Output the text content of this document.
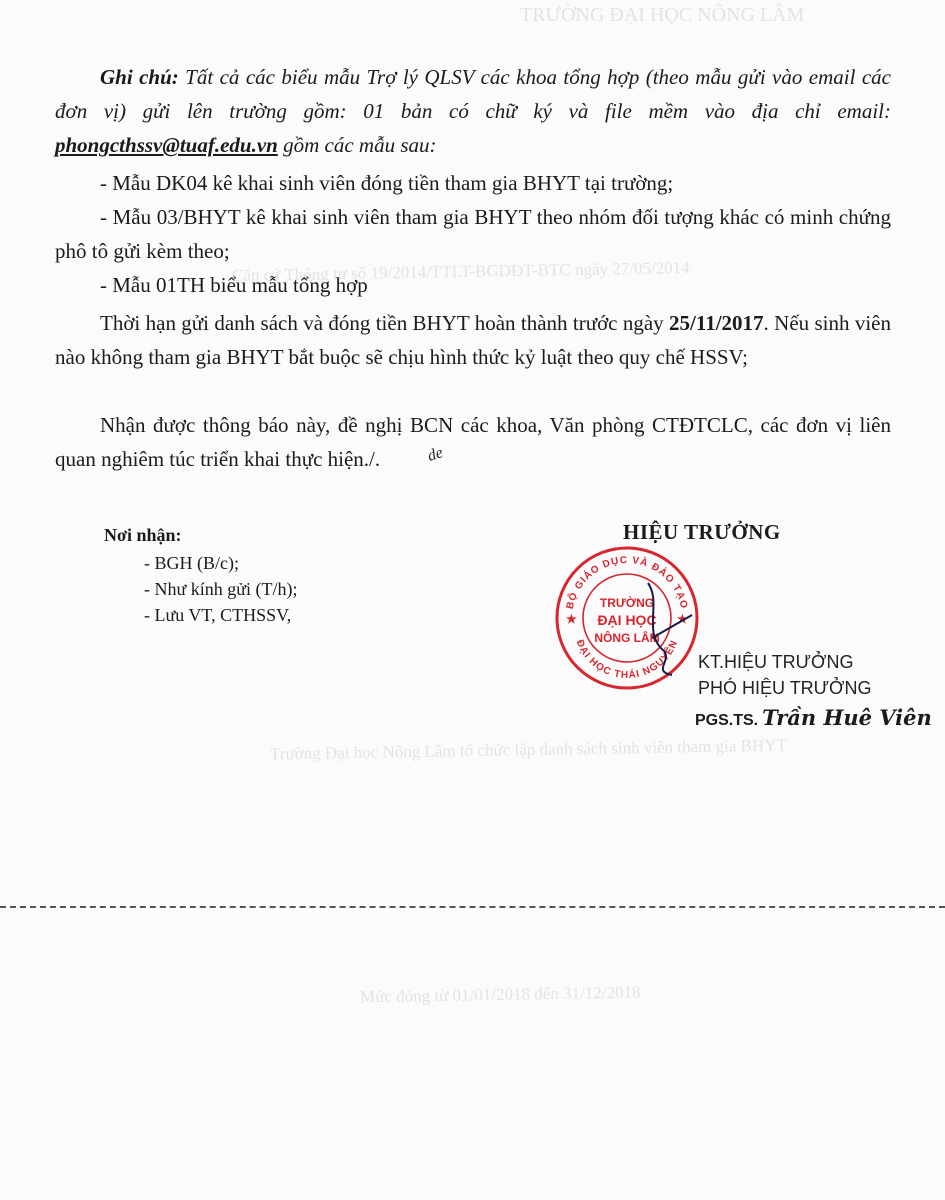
TRƯỜNG ĐẠI HỌC NÔNG LÂM
Căn cứ Thông tư số 19/2014/TTLT-BGDĐT-BTC ngày 27/05/2014
Trường Đại học Nông Lâm tổ chức lập danh sách sinh viên tham gia BHYT
Mức đóng từ 01/01/2018 đến 31/12/2018

Ghi chú: Tất cả các biểu mẫu Trợ lý QLSV các khoa tổng hợp (theo mẫu gửi vào email các đơn vị) gửi lên trường gồm: 01 bản có chữ ký và file mềm vào địa chỉ email: phongcthssv@tuaf.edu.vn gồm các mẫu sau:

- Mẫu DK04 kê khai sinh viên đóng tiền tham gia BHYT tại trường;

- Mẫu 03/BHYT kê khai sinh viên tham gia BHYT theo nhóm đối tượng khác có minh chứng phô tô gửi kèm theo;

- Mẫu 01TH biểu mẫu tổng hợp

Thời hạn gửi danh sách và đóng tiền BHYT hoàn thành trước ngày 25/11/2017. Nếu sinh viên nào không tham gia BHYT bắt buộc sẽ chịu hình thức kỷ luật theo quy chế HSSV;

Nhận được thông báo này, đề nghị BCN các khoa, Văn phòng CTĐTCLC, các đơn vị liên quan nghiêm túc triển khai thực hiện./.	de

Nơi nhận:
- BGH (B/c);
- Như kính gửi (T/h);
- Lưu VT, CTHSSV,
HIỆU TRƯỞNG
BỘ GIÁO DỤC VÀ ĐÀO TẠO
ĐẠI HỌC THÁI NGUYÊN
★	★
TRƯỜNG
ĐẠI HỌC
NÔNG LÂM
KT.HIỆU TRƯỞNG
PHÓ HIỆU TRƯỞNG
PGS.TS. Trần Huê Viên
